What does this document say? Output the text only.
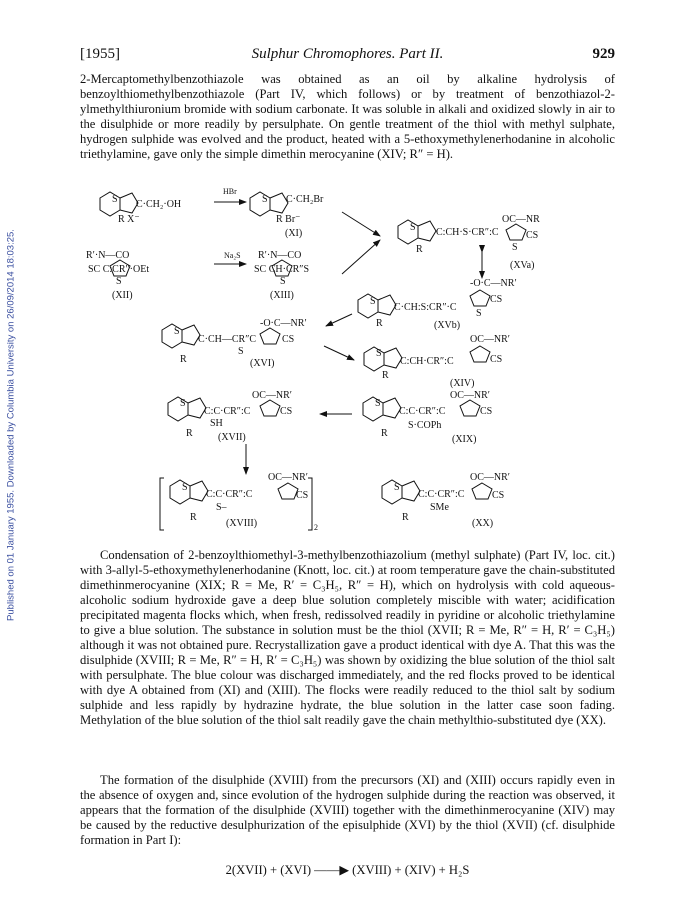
[1955]	Sulphur Chromophores. Part II.	929
Published on 01 January 1955. Downloaded by Columbia University on 26/09/2014 18:03:25.

2-Mercaptomethylbenzothiazole was obtained as an oil by alkaline hydrolysis of benzoylthiomethylbenzothiazole (Part IV, which follows) or by treatment of benzothiazol-2-ylmethylthiuronium bromide with sodium carbonate. It was soluble in alkali and oxidized slowly in air to the disulphide or more readily by persulphate. On gentle treatment of the thiol with methyl sulphate, hydrogen sulphide was evolved and the product, heated with a 5-ethoxymethylenerhodanine in alcoholic triethylamine, gave only the simple dimethin merocyanine (XIV; R″ = H).

S C·CH₂·OH
R X⁻
S C·CH₂Br
R Br⁻
(XI)
R′·N—CO
SC C:CR″·OEt
S
(XII)
R′·N—CO
SC CH·CR″S
S
(XIII)
S C:CH·S·CR″:C
OC—NR
CS
S
R
(XVa)
-O·C—NR′
S
C·CH:S:CR″·C
CS
S
R	(XVb)
-O·C—NR′
S
C·CH—CR″C	CS
S
R	(XVI)
OC—NR′
S
C:CH·CR″:C	CS
R
(XIV)
OC—NR′
S
C:C·CR″:C	CS
SH
R	(XVII)
OC—NR′
S
C:C·CR″:C	CS
S·COPh
R
(XIX)
OC—NR′
S
C:C·CR″:C	CS
S–
R
(XVIII)	2
OC—NR′
S
C:C·CR″:C	CS
SMe
R
(XX)
HBr
Na₂S

Condensation of 2-benzoylthiomethyl-3-methylbenzothiazolium (methyl sulphate) (Part IV, loc. cit.) with 3-allyl-5-ethoxymethylenerhodanine (Knott, loc. cit.) at room temperature gave the chain-substituted dimethinmerocyanine (XIX; R = Me, R′ = C₃H₅, R″ = H), which on hydrolysis with cold aqueous-alcoholic sodium hydroxide gave a deep blue solution completely miscible with water; acidification precipitated magenta flocks which, when fresh, redissolved readily in pyridine or alcoholic triethylamine to give a blue solution. The substance in solution must be the thiol (XVII; R = Me, R″ = H, R′ = C₃H₅) although it was not obtained pure. Recrystallization gave a product identical with dye A. That this was the disulphide (XVIII; R = Me, R″ = H, R′ = C₃H₅) was shown by oxidizing the blue solution of the thiol salt with persulphate. The blue colour was discharged immediately, and the red flocks proved to be identical with dye A obtained from (XI) and (XIII). The flocks were readily reduced to the thiol salt by sodium sulphide and less rapidly by hydrazine hydrate, the blue solution in the latter case soon fading. Methylation of the blue solution of the thiol salt readily gave the chain methylthio-substituted dye (XX).

The formation of the disulphide (XVIII) from the precursors (XI) and (XIII) occurs rapidly even in the absence of oxygen and, since evolution of the hydrogen sulphide during the reaction was observed, it appears that the formation of the disulphide (XVIII) together with the dimethinmerocyanine (XIV) may be caused by the reductive desulphurization of the episulphide (XVI) by the thiol (XVII) (cf. disulphide formation in Part I):

2(XVII) + (XVI) ——▶ (XVIII) + (XIV) + H₂S
